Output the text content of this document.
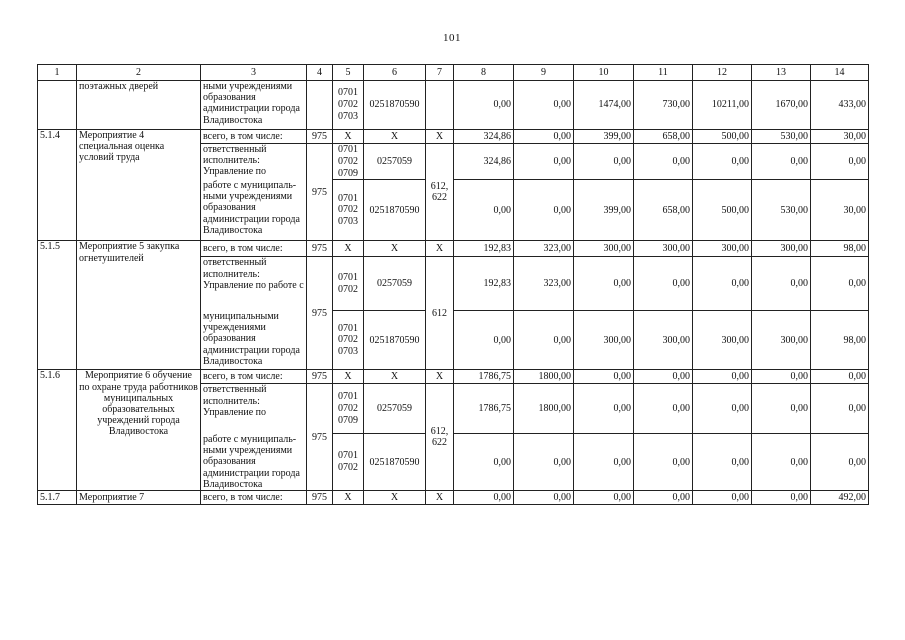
101
1	2	3	4	5	6	7	8	9	10	11	12	13	14
	поэтажных дверей	ными учреждениями образования администрации города Владивостока		0701
0702
0703	0251870590		0,00	0,00	1474,00	730,00	10211,00	1670,00	433,00
5.1.4	Мероприятие 4 специальная оценка условий труда	всего, в том числе:	975	X	X	X	324,86	0,00	399,00	658,00	500,00	530,00	30,00
		ответственный исполнитель: Управление по	975	0701
0702
0709	0257059	612,
622	324,86	0,00	0,00	0,00	0,00	0,00	0,00
		работе с муниципаль-ными учреждениями образования администрации города Владивостока		0701
0702
0703	0251870590		0,00	0,00	399,00	658,00	500,00	530,00	30,00
5.1.5	Мероприятие 5 закупка огнетушителей	всего, в том числе:	975	X	X	X	192,83	323,00	300,00	300,00	300,00	300,00	98,00
		ответственный исполнитель: Управление по работе с	975	0701
0702	0257059	612	192,83	323,00	0,00	0,00	0,00	0,00	0,00
		муниципальными учреждениями образования администрации города Владивостока		0701
0702
0703	0251870590		0,00	0,00	300,00	300,00	300,00	300,00	98,00
5.1.6	Мероприятие 6 обучение по охране труда работников муниципальных образовательных учреждений города Владивостока	всего, в том числе:	975	X	X	X	1786,75	1800,00	0,00	0,00	0,00	0,00	0,00
		ответственный исполнитель: Управление по	975	0701
0702
0709	0257059	612,
622	1786,75	1800,00	0,00	0,00	0,00	0,00	0,00
		работе с муниципаль-ными учреждениями образования администрации города Владивостока		0701
0702	0251870590		0,00	0,00	0,00	0,00	0,00	0,00	0,00
5.1.7	Мероприятие 7	всего, в том числе:	975	X	X	X	0,00	0,00	0,00	0,00	0,00	0,00	492,00
